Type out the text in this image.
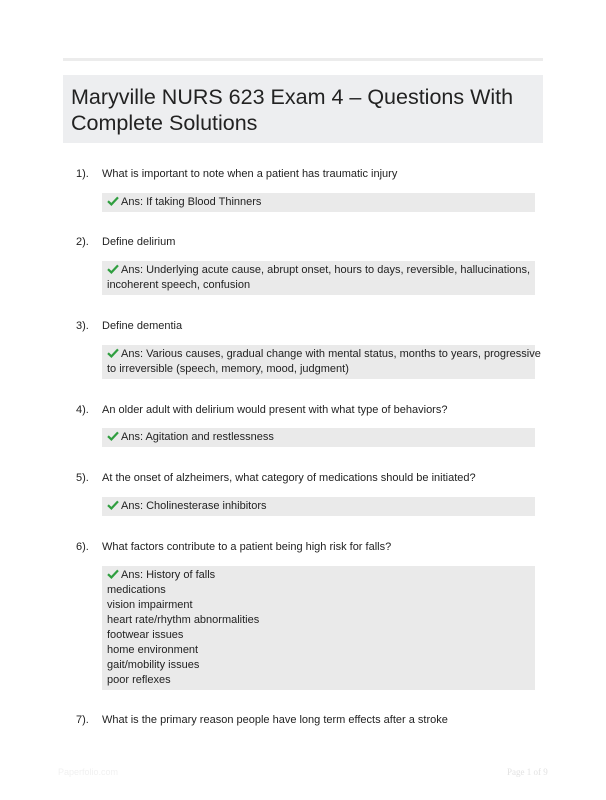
Maryville NURS 623 Exam 4 – Questions With Complete Solutions
1). What is important to note when a patient has traumatic injury
Ans: If taking Blood Thinners
2). Define delirium
Ans: Underlying acute cause, abrupt onset, hours to days, reversible, hallucinations,
incoherent speech, confusion
3). Define dementia
Ans: Various causes, gradual change with mental status, months to years, progressive
to irreversible (speech, memory, mood, judgment)
4). An older adult with delirium would present with what type of behaviors?
Ans: Agitation and restlessness
5). At the onset of alzheimers, what category of medications should be initiated?
Ans: Cholinesterase inhibitors
6). What factors contribute to a patient being high risk for falls?
Ans: History of falls
medications
vision impairment
heart rate/rhythm abnormalities
footwear issues
home environment
gait/mobility issues
poor reflexes
7). What is the primary reason people have long term effects after a stroke
Paperfolio.com	Page 1 of 9
